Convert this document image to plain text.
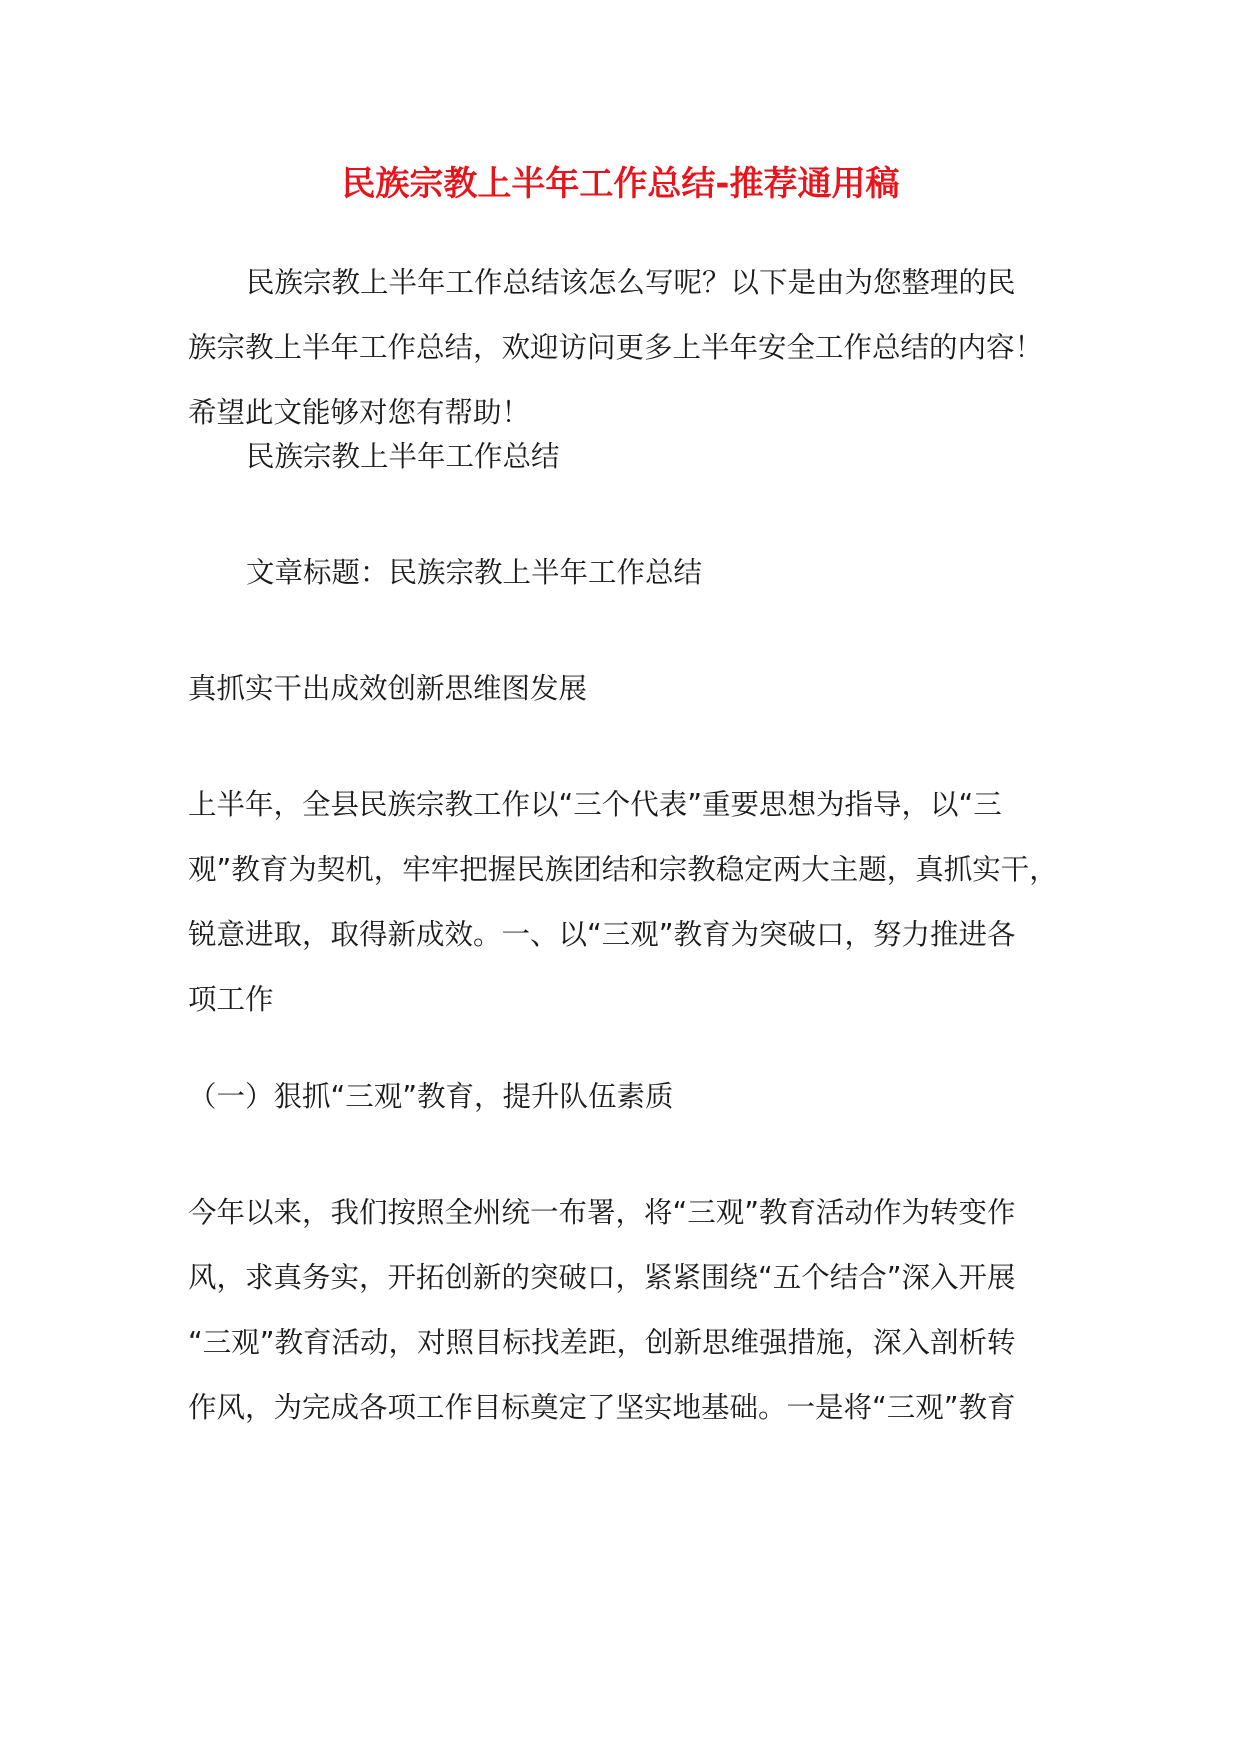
民族宗教上半年工作总结-推荐通用稿
民族宗教上半年工作总结该怎么写呢？以下是由为您整理的民
族宗教上半年工作总结，欢迎访问更多上半年安全工作总结的内容！
希望此文能够对您有帮助！
民族宗教上半年工作总结
文章标题：民族宗教上半年工作总结
真抓实干出成效创新思维图发展
上半年，全县民族宗教工作以“三个代表”重要思想为指导，以“三
观”教育为契机，牢牢把握民族团结和宗教稳定两大主题，真抓实干，
锐意进取，取得新成效。一、以“三观”教育为突破口，努力推进各
项工作
（一）狠抓“三观”教育，提升队伍素质
今年以来，我们按照全州统一布署，将“三观”教育活动作为转变作
风，求真务实，开拓创新的突破口，紧紧围绕“五个结合”深入开展
“三观”教育活动，对照目标找差距，创新思维强措施，深入剖析转
作风，为完成各项工作目标奠定了坚实地基础。一是将“三观”教育
